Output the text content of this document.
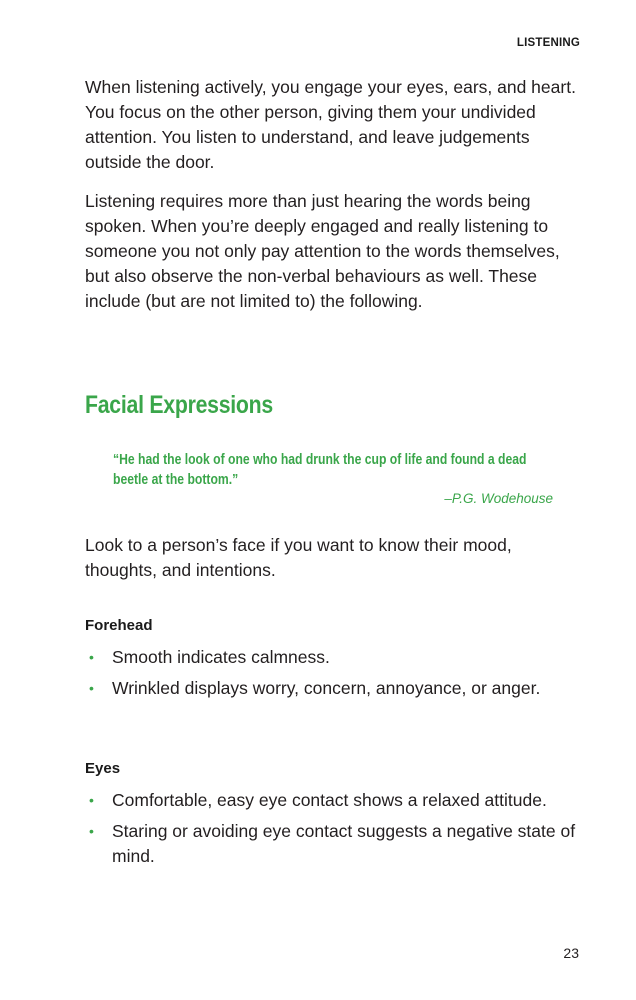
LISTENING

When listening actively, you engage your eyes, ears, and heart. You focus on the other person, giving them your undivided attention. You listen to understand, and leave judgements outside the door.

Listening requires more than just hearing the words being spoken. When you’re deeply engaged and really listening to someone you not only pay attention to the words themselves, but also observe the non-verbal behaviours as well. These include (but are not limited to) the following.

Facial Expressions

“He had the look of one who had drunk the cup of life and found a dead beetle at the bottom.”

–P.G. Wodehouse

Look to a person’s face if you want to know their mood, thoughts, and intentions.

Forehead
• Smooth indicates calmness.
• Wrinkled displays worry, concern, annoyance, or anger.
Eyes
• Comfortable, easy eye contact shows a relaxed attitude.
• Staring or avoiding eye contact suggests a negative state of mind.
23
